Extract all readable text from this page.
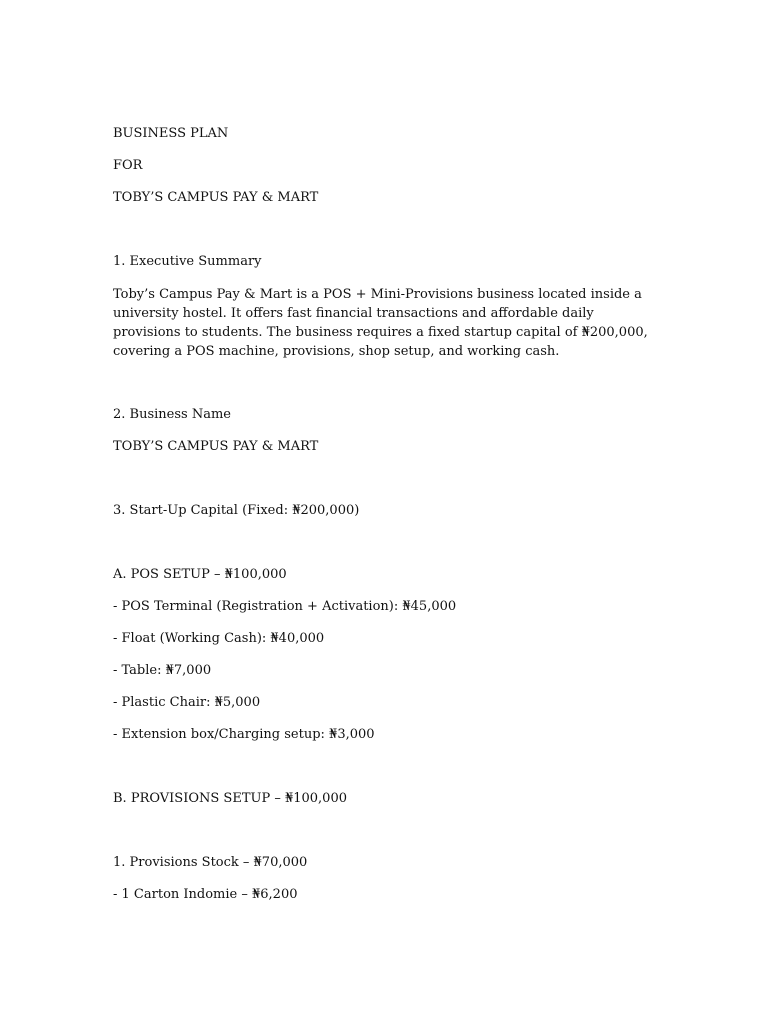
BUSINESS PLAN
FOR
TOBY’S CAMPUS PAY & MART
1. Executive Summary
Toby’s Campus Pay & Mart is a POS + Mini-Provisions business located inside a university hostel. It offers fast financial transactions and affordable daily provisions to students. The business requires a fixed startup capital of ₦200,000, covering a POS machine, provisions, shop setup, and working cash.
2. Business Name
TOBY’S CAMPUS PAY & MART
3. Start-Up Capital (Fixed: ₦200,000)
A. POS SETUP – ₦100,000
- POS Terminal (Registration + Activation): ₦45,000
- Float (Working Cash): ₦40,000
- Table: ₦7,000
- Plastic Chair: ₦5,000
- Extension box/Charging setup: ₦3,000
B. PROVISIONS SETUP – ₦100,000
1. Provisions Stock – ₦70,000
- 1 Carton Indomie – ₦6,200
